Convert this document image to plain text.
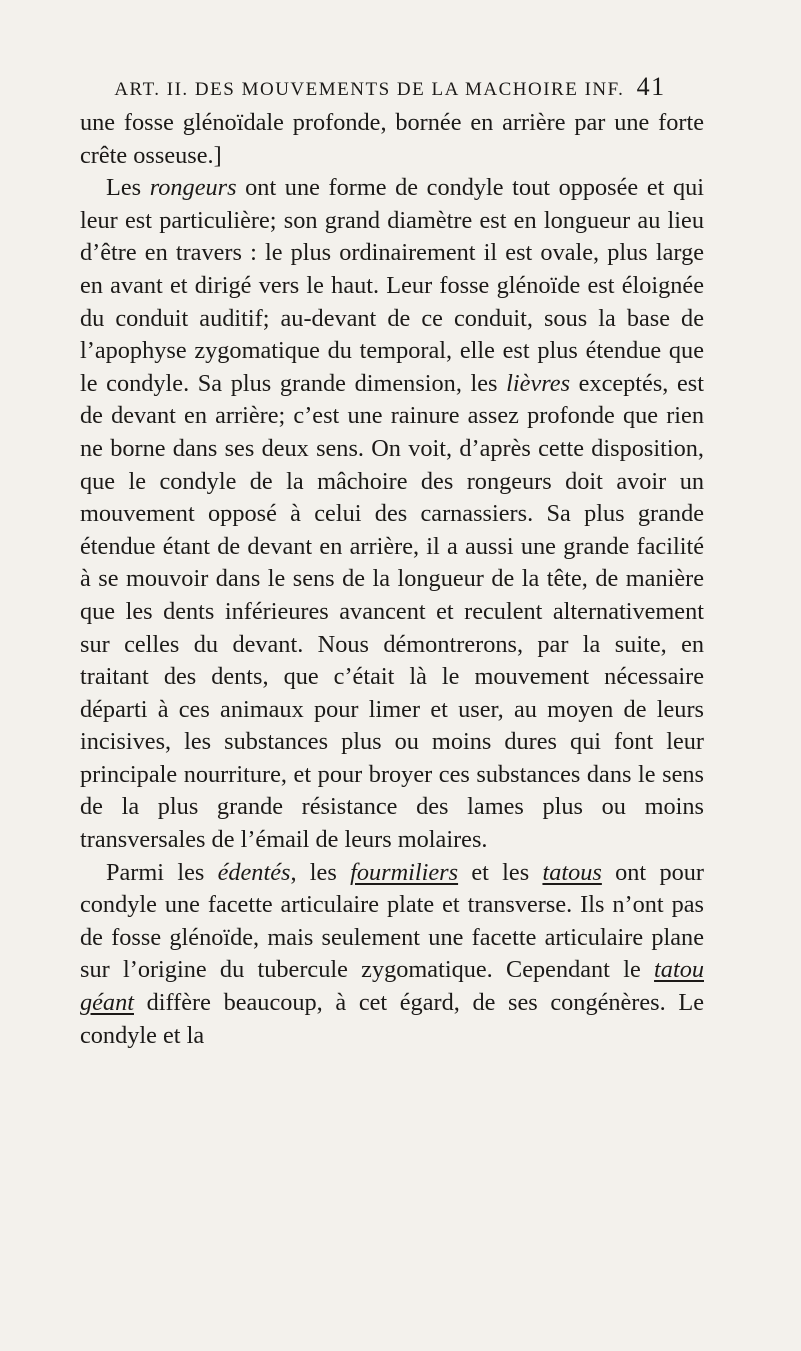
ART. II. DES MOUVEMENTS DE LA MACHOIRE INF. 41

une fosse glénoïdale profonde, bornée en arrière par une forte crête osseuse.]

Les rongeurs ont une forme de condyle tout opposée et qui leur est particulière; son grand diamètre est en longueur au lieu d’être en travers : le plus ordinairement il est ovale, plus large en avant et dirigé vers le haut. Leur fosse glénoïde est éloignée du conduit auditif; au-devant de ce conduit, sous la base de l’apophyse zygomatique du temporal, elle est plus étendue que le condyle. Sa plus grande dimension, les lièvres exceptés, est de devant en arrière; c’est une rainure assez profonde que rien ne borne dans ses deux sens. On voit, d’après cette disposition, que le condyle de la mâchoire des rongeurs doit avoir un mouvement opposé à celui des carnassiers. Sa plus grande étendue étant de devant en arrière, il a aussi une grande facilité à se mouvoir dans le sens de la longueur de la tête, de manière que les dents inférieures avancent et reculent alternativement sur celles du devant. Nous démontrerons, par la suite, en traitant des dents, que c’était là le mouvement nécessaire départi à ces animaux pour limer et user, au moyen de leurs incisives, les substances plus ou moins dures qui font leur principale nourriture, et pour broyer ces substances dans le sens de la plus grande résistance des lames plus ou moins transversales de l’émail de leurs molaires.

Parmi les édentés, les fourmiliers et les tatous ont pour condyle une facette articulaire plate et transverse. Ils n’ont pas de fosse glénoïde, mais seulement une facette articulaire plane sur l’origine du tubercule zygomatique. Cependant le tatou géant diffère beaucoup, à cet égard, de ses congénères. Le condyle et la
